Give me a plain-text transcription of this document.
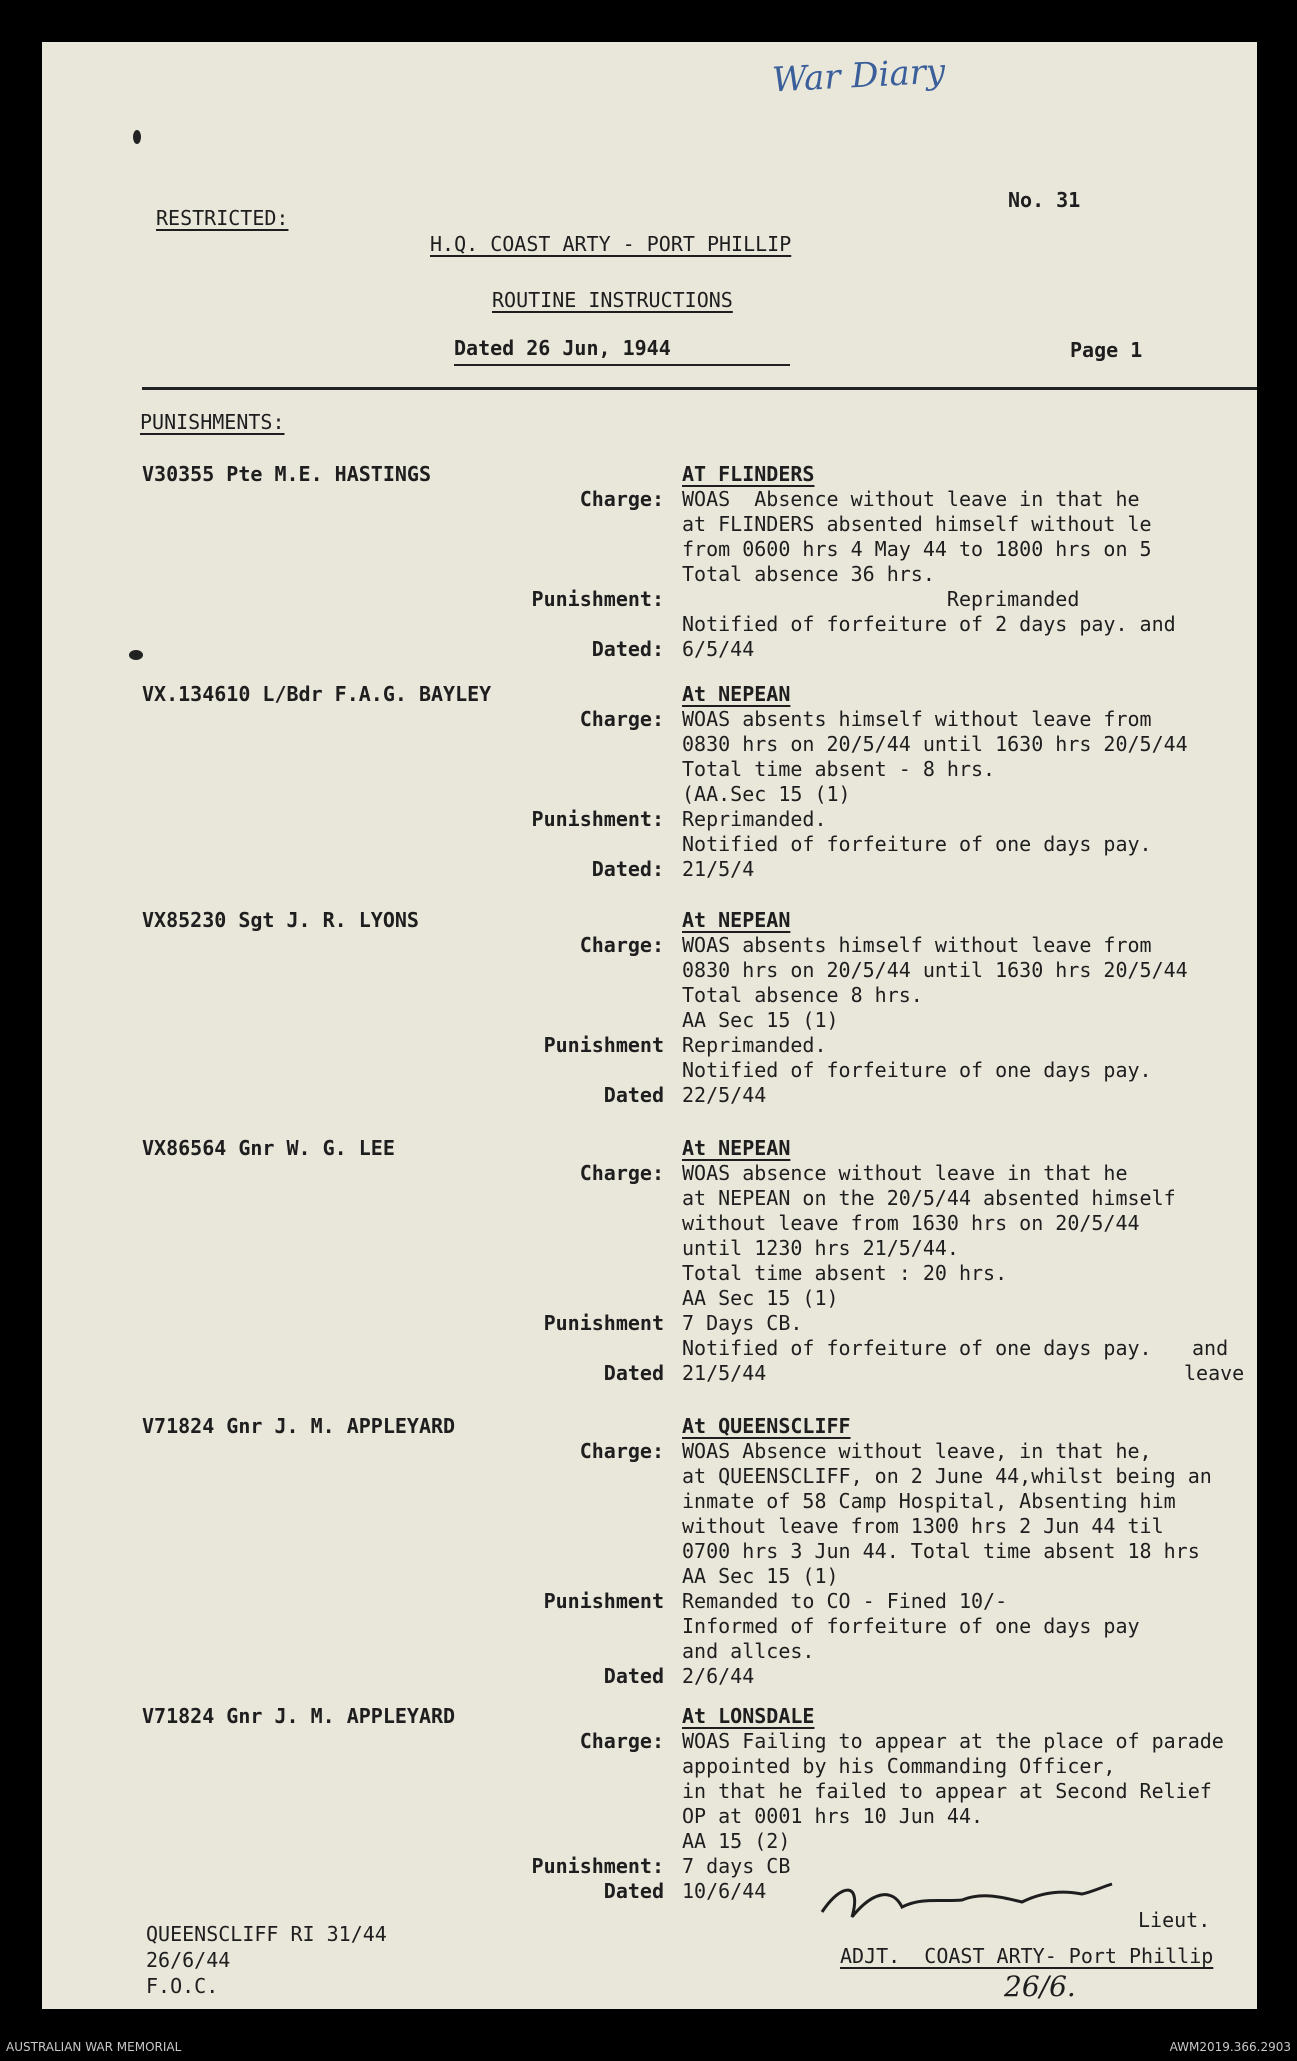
War Diary
RESTRICTED:
No. 31
H.Q. COAST ARTY - PORT PHILLIP
ROUTINE INSTRUCTIONS
Dated 26 Jun, 1944	Page 1
PUNISHMENTS:
V30355 Pte M.E. HASTINGS	AT FLINDERS
Charge: WOAS  Absence without leave in that he
at FLINDERS absented himself without le
from 0600 hrs 4 May 44 to 1800 hrs on 5
Total absence 36 hrs.
Punishment: Reprimanded
Notified of forfeiture of 2 days pay. and
Dated: 6/5/44
VX.134610 L/Bdr F.A.G. BAYLEY	At NEPEAN
Charge: WOAS absents himself without leave from
0830 hrs on 20/5/44 until 1630 hrs 20/5/44
Total time absent - 8 hrs.
(AA.Sec 15 (1)
Punishment: Reprimanded.
Notified of forfeiture of one days pay.
Dated: 21/5/4
VX85230 Sgt J. R. LYONS	At NEPEAN
Charge: WOAS absents himself without leave from
0830 hrs on 20/5/44 until 1630 hrs 20/5/44
Total absence 8 hrs.
AA Sec 15 (1)
Punishment Reprimanded.
Notified of forfeiture of one days pay.
Dated 22/5/44
VX86564 Gnr W. G. LEE	At NEPEAN
Charge: WOAS absence without leave in that he
at NEPEAN on the 20/5/44 absented himself
without leave from 1630 hrs on 20/5/44
until 1230 hrs 21/5/44.
Total time absent : 20 hrs.
AA Sec 15 (1)
Punishment 7 Days CB.
Notified of forfeiture of one days pay.
Dated 21/5/44
and
leave
V71824 Gnr J. M. APPLEYARD	At QUEENSCLIFF
Charge: WOAS Absence without leave, in that he,
at QUEENSCLIFF, on 2 June 44,whilst being an
inmate of 58 Camp Hospital, Absenting him
without leave from 1300 hrs 2 Jun 44 til
0700 hrs 3 Jun 44. Total time absent 18 hrs
AA Sec 15 (1)
Punishment Remanded to CO - Fined 10/-
Informed of forfeiture of one days pay
and allces.
Dated 2/6/44
V71824 Gnr J. M. APPLEYARD	At LONSDALE
Charge: WOAS Failing to appear at the place of parade
appointed by his Commanding Officer,
in that he failed to appear at Second Relief
OP at 0001 hrs 10 Jun 44.
AA 15 (2)
Punishment: 7 days CB
Dated 10/6/44
QUEENSCLIFF RI 31/44
26/6/44
F.O.C.
Lieut.
ADJT.  COAST ARTY- Port Phillip
26/6.
AUSTRALIAN WAR MEMORIAL	AWM2019.366.2903
